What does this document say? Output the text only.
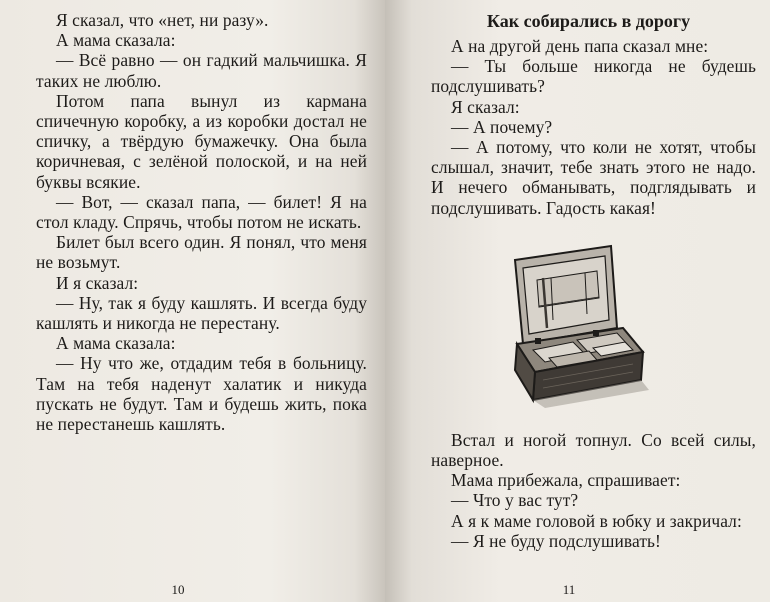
Я сказал, что «нет, ни разу».

А мама сказала:

— Всё равно — он гадкий мальчишка. Я таких не люблю.

Потом папа вынул из кармана спичечную коробку, а из коробки достал не спичку, а твёрдую бумажечку. Она была коричневая, с зелёной полоской, и на ней буквы всякие.

— Вот, — сказал папа, — билет! Я на стол кладу. Спрячь, чтобы потом не искать.

Билет был всего один. Я понял, что меня не возьмут.

И я сказал:

— Ну, так я буду кашлять. И всегда буду кашлять и никогда не перестану.

А мама сказала:

— Ну что же, отдадим тебя в больницу. Там на тебя наденут халатик и никуда пускать не будут. Там и будешь жить, пока не перестанешь кашлять.

10
Как собирались в дорогу

А на другой день папа сказал мне:

— Ты больше никогда не будешь подслушивать?

Я сказал:

— А почему?

— А потому, что коли не хотят, чтобы слышал, значит, тебе знать этого не надо. И нечего обманывать, подглядывать и подслушивать. Гадость какая!

Встал и ногой топнул. Со всей силы, наверное.

Мама прибежала, спрашивает:

— Что у вас тут?

А я к маме головой в юбку и закричал:

— Я не буду подслушивать!

11
